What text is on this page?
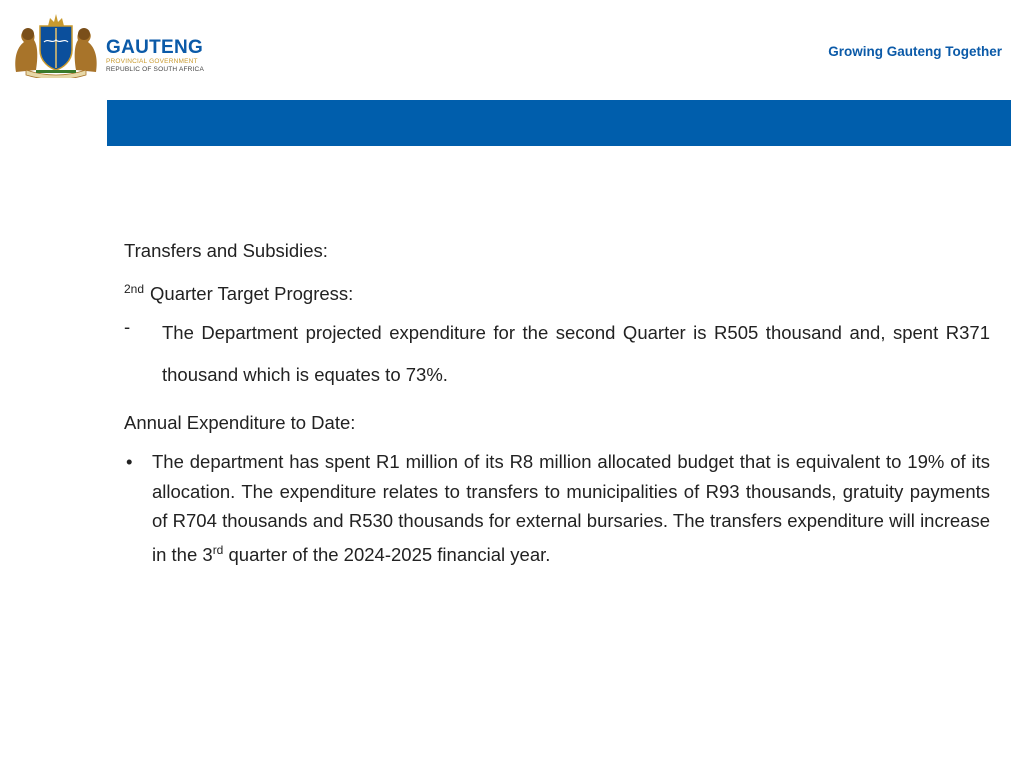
GAUTENG
PROVINCIAL GOVERNMENT
REPUBLIC OF SOUTH AFRICA
Growing Gauteng Together

Transfers and Subsidies:

$^{2nd}$ Quarter Target Progress:
- The Department projected expenditure for the second Quarter is R505 thousand and, spent R371 thousand which is equates to 73%.

Annual Expenditure to Date:

• The department has spent R1 million of its R8 million allocated budget that is equivalent to 19% of its allocation. The expenditure relates to transfers to municipalities of R93 thousands, gratuity payments of R704 thousands and R530 thousands for external bursaries. The transfers expenditure will increase in the 3rd quarter of the 2024-2025 financial year.
